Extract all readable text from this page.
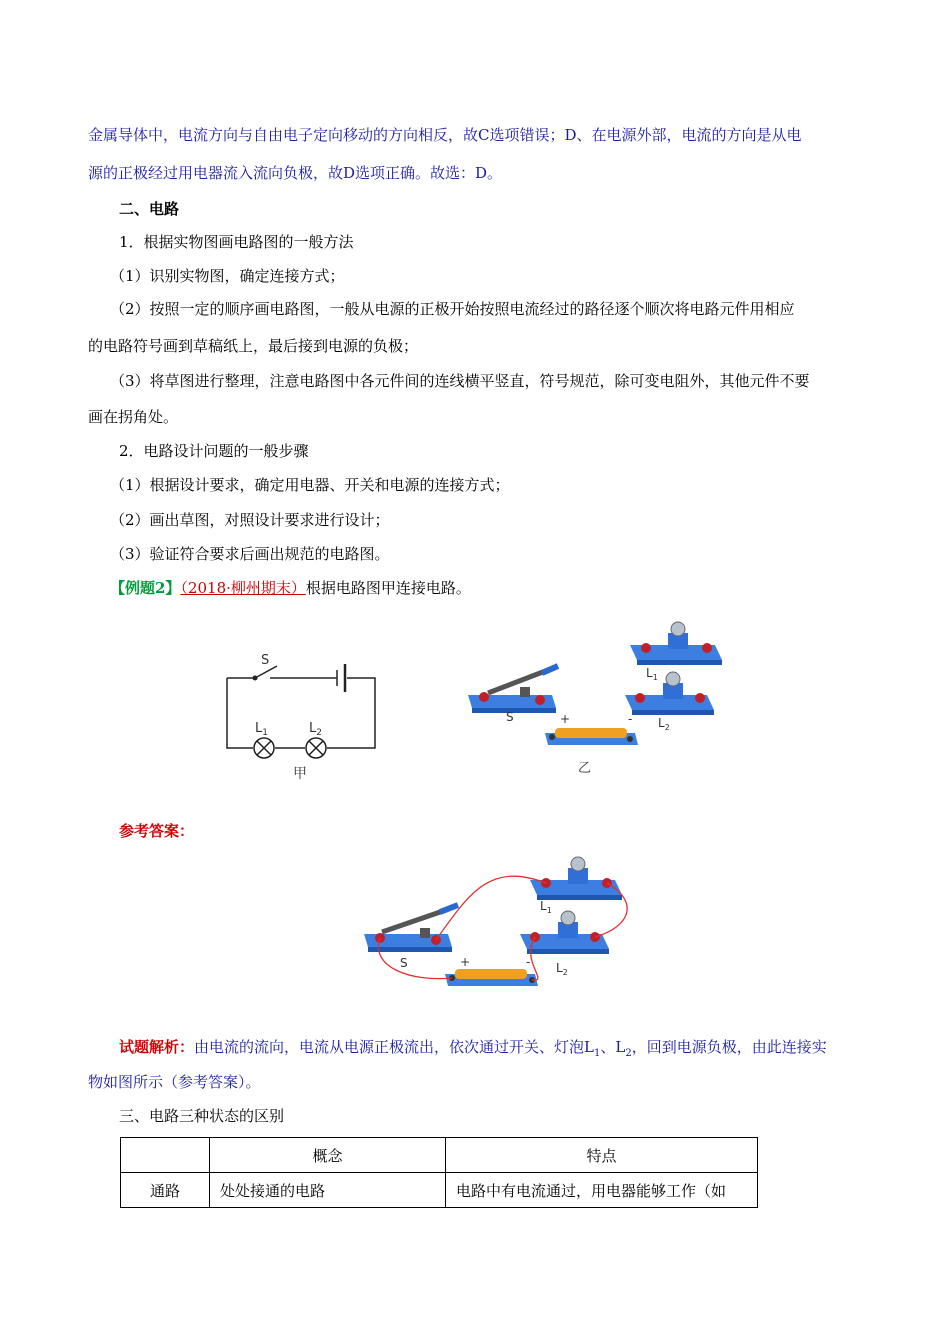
金属导体中，电流方向与自由电子定向移动的方向相反，故C选项错误；D、在电源外部，电流的方向是从电
源的正极经过用电器流入流向负极，故D选项正确。故选：D。
二、电路
1．根据实物图画电路图的一般方法
（1）识别实物图，确定连接方式；
（2）按照一定的顺序画电路图，一般从电源的正极开始按照电流经过的路径逐个顺次将电路元件用相应
的电路符号画到草稿纸上，最后接到电源的负极；
（3）将草图进行整理，注意电路图中各元件间的连线横平竖直，符号规范，除可变电阻外，其他元件不要
画在拐角处。
2．电路设计问题的一般步骤
（1）根据设计要求，确定用电器、开关和电源的连接方式；
（2）画出草图，对照设计要求进行设计；
（3）验证符合要求后画出规范的电路图。
【例题2】（2018·柳州期末）根据电路图甲连接电路。
S
$L_1$	$L_2$
甲
$L_1$
$L_2$
S	+	-
乙
参考答案：
$L_1$
$L_2$
S	+	-
试题解析：由电流的流向，电流从电源正极流出，依次通过开关、灯泡$L_1$、$L_2$，回到电源负极，由此连接实
物如图所示（参考答案）。
三、电路三种状态的区别
	概念	特点
通路	处处接通的电路	电路中有电流通过，用电器能够工作（如
